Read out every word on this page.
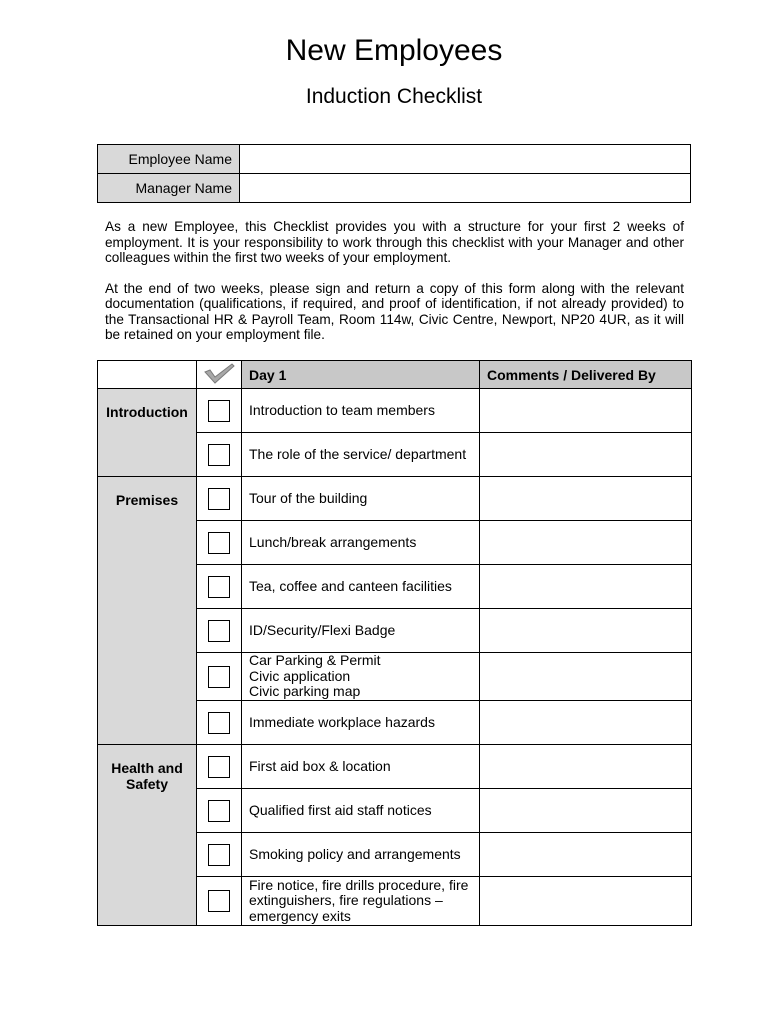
New Employees
Induction Checklist
Employee Name	
Manager Name	

As a new Employee, this Checklist provides you with a structure for your first 2 weeks of employment. It is your responsibility to work through this checklist with your Manager and other colleagues within the first two weeks of your employment.

At the end of two weeks, please sign and return a copy of this form along with the relevant documentation (qualifications, if required, and proof of identification, if not already provided) to the Transactional HR & Payroll Team, Room 114w, Civic Centre, Newport, NP20 4UR, as it will be retained on your employment file.

		Day 1	Comments / Delivered By
Introduction		Introduction to team members	

		The role of the service/ department	

Premises		Tour of the building	

		Lunch/break arrangements	

		Tea, coffee and canteen facilities	

		ID/Security/Flexi Badge	

		Car Parking & Permit
Civic application
Civic parking map	

		Immediate workplace hazards	

Health and Safety		First aid box & location	

		Qualified first aid staff notices	

		Smoking policy and arrangements	

		Fire notice, fire drills procedure, fire
extinguishers, fire regulations –
emergency exits	
